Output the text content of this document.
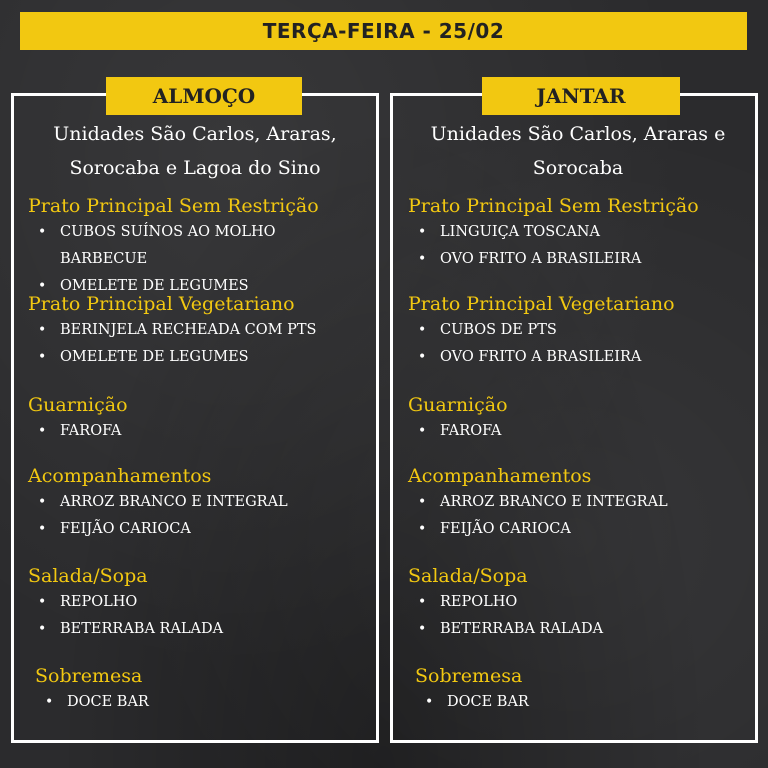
TERÇA-FEIRA - 25/02
ALMOÇO	JANTAR
Unidades São Carlos, Araras,
Sorocaba e Lagoa do Sino
Unidades São Carlos, Araras e
Sorocaba
Prato Principal Sem Restrição
• CUBOS SUÍNOS AO MOLHO
BARBECUE
• OMELETE DE LEGUMES
Prato Principal Vegetariano
• BERINJELA RECHEADA COM PTS
• OMELETE DE LEGUMES
Guarnição
• FAROFA
Acompanhamentos
• ARROZ BRANCO E INTEGRAL
• FEIJÃO CARIOCA
Salada/Sopa
• REPOLHO
• BETERRABA RALADA
Sobremesa
• DOCE BAR
Prato Principal Sem Restrição
• LINGUIÇA TOSCANA
• OVO FRITO A BRASILEIRA
Prato Principal Vegetariano
• CUBOS DE PTS
• OVO FRITO A BRASILEIRA
Guarnição
• FAROFA
Acompanhamentos
• ARROZ BRANCO E INTEGRAL
• FEIJÃO CARIOCA
Salada/Sopa
• REPOLHO
• BETERRABA RALADA
Sobremesa
• DOCE BAR
